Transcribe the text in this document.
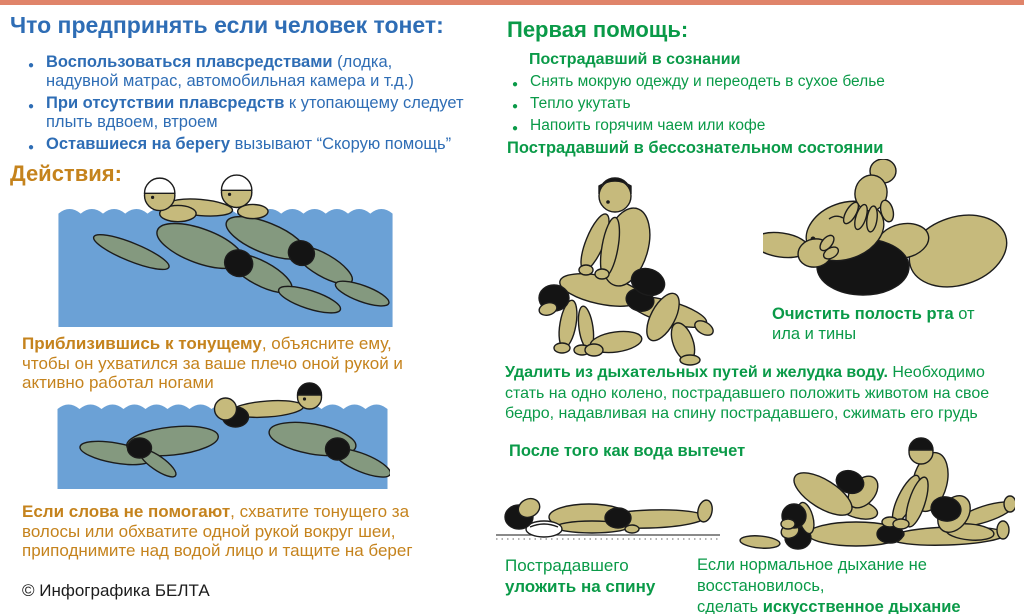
Что предпринять если человек тонет:
● Воспользоваться плавсредствами (лодка, надувной матрас, автомобильная камера и т.д.)
● При отсутствии плавсредств к утопающему следует плыть вдвоем, втроем
● Оставшиеся на берегу вызывают “Скорую помощь”
Действия:
Приблизившись к тонущему, объясните ему, чтобы он ухватился за ваше плечо оной рукой и активно работал ногами
Если слова не помогают, схватите тонущего за волосы или обхватите одной рукой вокруг шеи, приподнимите над водой лицо и тащите на берег
© Инфографика БЕЛТА
Первая помощь:
Пострадавший в сознании
● Снять мокрую одежду и переодеть в сухое белье
● Тепло укутать
● Напоить горячим чаем или кофе
Пострадавший в бессознательном состоянии
Очистить полость рта от ила и тины
Удалить из дыхательных путей и желудка воду. Необходимо стать на одно колено, пострадавшего положить животом на свое бедро, надавливая на спину пострадавшего, сжимать его грудь
После того как вода вытечет
Пострадавшего
уложить на спину
Если нормальное дыхание не восстановилось,
сделать искусственное дыхание
